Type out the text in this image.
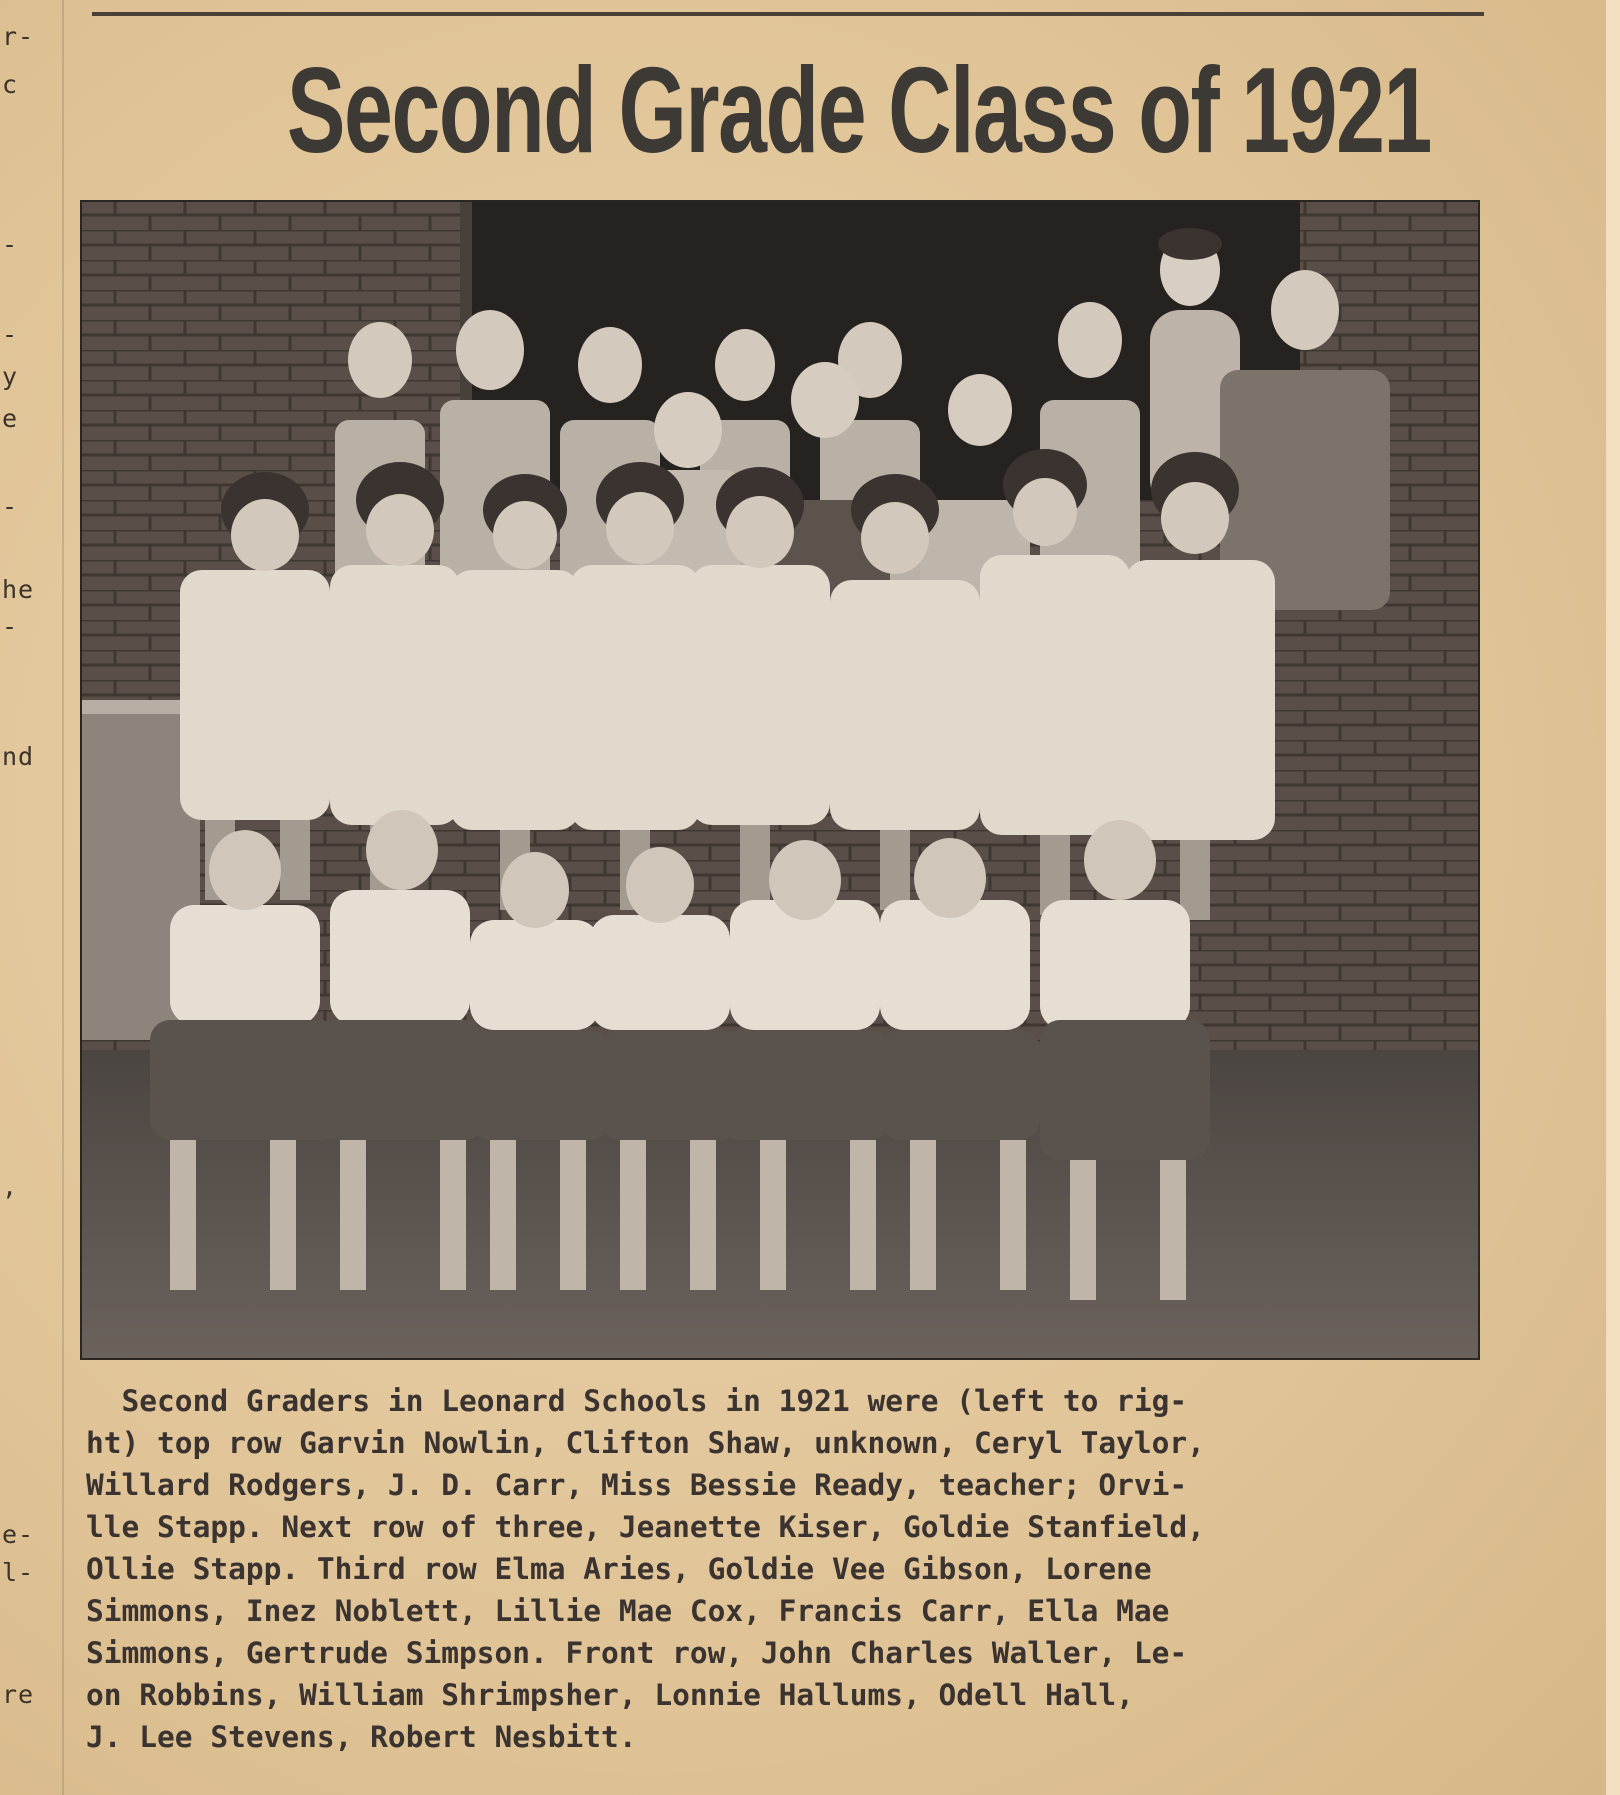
r-
c
-
-
y
e
-
he
-
nd
,
e-
l-
re
Second Grade Class of 1921
Second Graders in Leonard Schools in 1921 were (left to rig-
ht) top row Garvin Nowlin, Clifton Shaw, unknown, Ceryl Taylor,
Willard Rodgers, J. D. Carr, Miss Bessie Ready, teacher; Orvi-
lle Stapp. Next row of three, Jeanette Kiser, Goldie Stanfield,
Ollie Stapp. Third row Elma Aries, Goldie Vee Gibson, Lorene
Simmons, Inez Noblett, Lillie Mae Cox, Francis Carr, Ella Mae
Simmons, Gertrude Simpson. Front row, John Charles Waller, Le-
on Robbins, William Shrimpsher, Lonnie Hallums, Odell Hall,
J. Lee Stevens, Robert Nesbitt.
